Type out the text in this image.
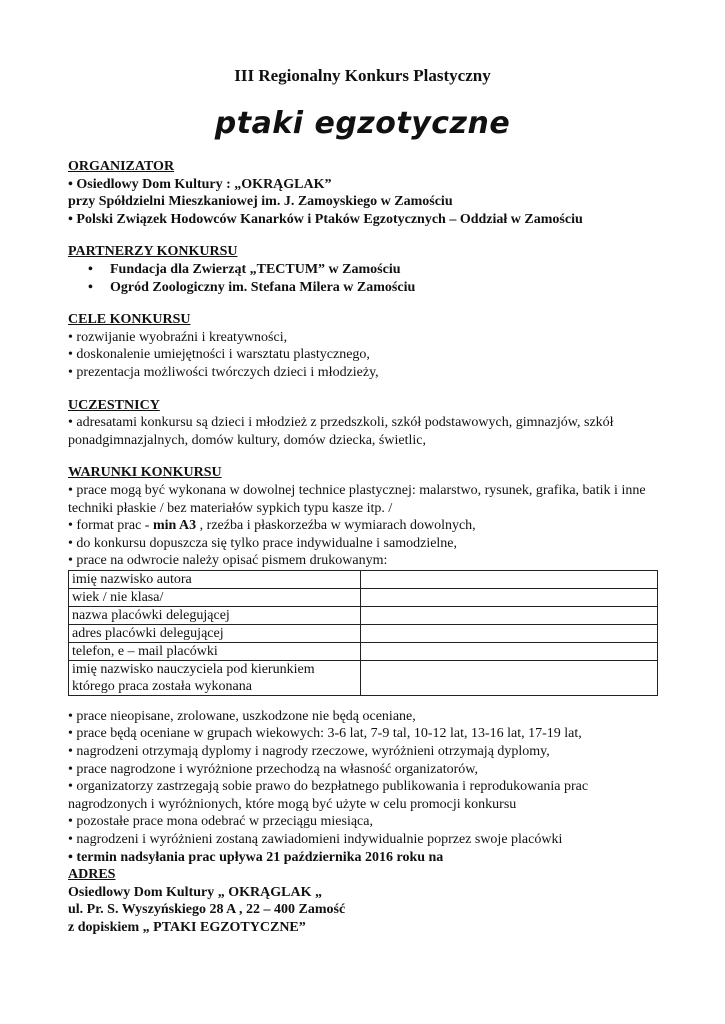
III Regionalny Konkurs Plastyczny
ptaki egzotyczne

ORGANIZATOR

• Osiedlowy Dom Kultury : „OKRĄGLAK”

przy Spółdzielni Mieszkaniowej im. J. Zamoyskiego w Zamościu

• Polski Związek Hodowców Kanarków i Ptaków Egzotycznych – Oddział w Zamościu

PARTNERZY KONKURSU

• Fundacja dla Zwierząt „TECTUM” w Zamościu

• Ogród Zoologiczny im. Stefana Milera w Zamościu

CELE KONKURSU

• rozwijanie wyobraźni i kreatywności,

• doskonalenie umiejętności i warsztatu plastycznego,

• prezentacja możliwości twórczych dzieci i młodzieży,

UCZESTNICY

• adresatami konkursu są dzieci i młodzież z przedszkoli, szkół podstawowych, gimnazjów, szkół ponadgimnazjalnych, domów kultury, domów dziecka, świetlic,

WARUNKI KONKURSU

• prace mogą być wykonana w dowolnej technice plastycznej: malarstwo, rysunek, grafika, batik i inne techniki płaskie / bez materiałów sypkich typu kasze itp. /

• format prac - min A3 , rzeźba i płaskorzeźba w wymiarach dowolnych,

• do konkursu dopuszcza się tylko prace indywidualne i samodzielne,

• prace na odwrocie należy opisać pismem drukowanym:

imię nazwisko autora	
wiek / nie klasa/	
nazwa placówki delegującej	
adres placówki delegującej	
telefon, e – mail placówki	
imię nazwisko nauczyciela pod kierunkiem
którego praca została wykonana	

• prace nieopisane, zrolowane, uszkodzone nie będą oceniane,

• prace będą oceniane w grupach wiekowych: 3-6 lat, 7-9 tal, 10-12 lat, 13-16 lat, 17-19 lat,

• nagrodzeni otrzymają dyplomy i nagrody rzeczowe, wyróżnieni otrzymają dyplomy,

• prace nagrodzone i wyróżnione przechodzą na własność organizatorów,

• organizatorzy zastrzegają sobie prawo do bezpłatnego publikowania i reprodukowania prac nagrodzonych i wyróżnionych, które mogą być użyte w celu promocji konkursu

• pozostałe prace mona odebrać w przeciągu miesiąca,

• nagrodzeni i wyróżnieni zostaną zawiadomieni indywidualnie poprzez swoje placówki

• termin nadsyłania prac upływa 21 października 2016 roku na

ADRES

Osiedlowy Dom Kultury „ OKRĄGLAK „

ul. Pr. S. Wyszyńskiego 28 A , 22 – 400 Zamość

z dopiskiem „ PTAKI EGZOTYCZNE”
